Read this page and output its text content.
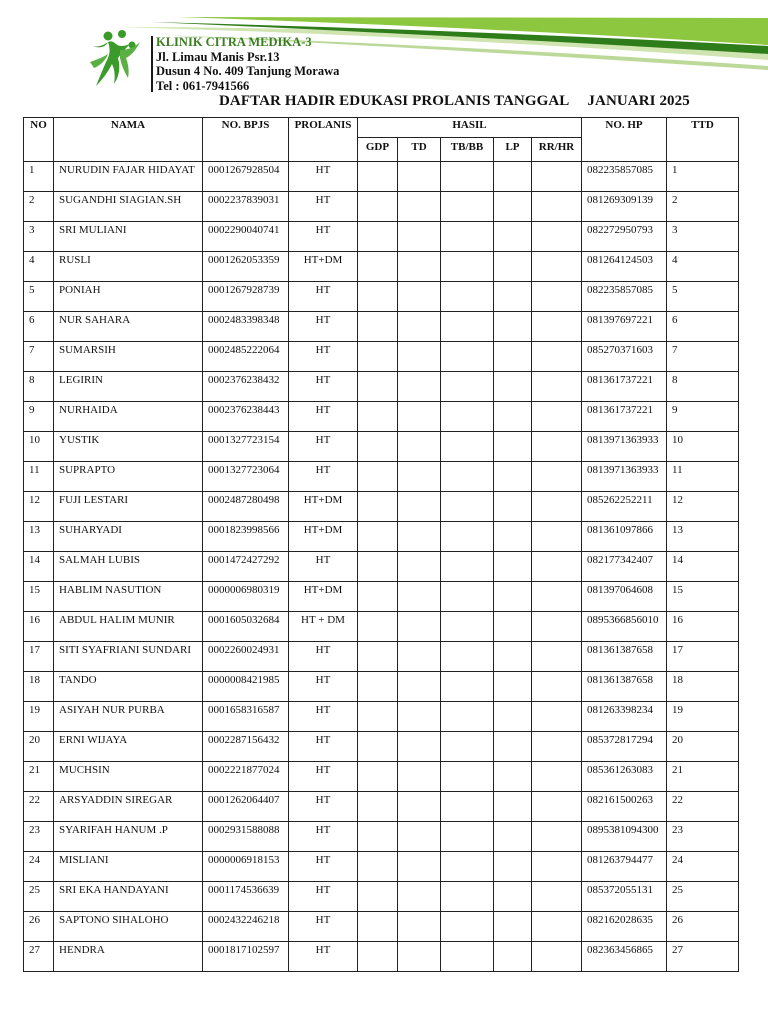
KLINIK CITRA MEDIKA-3
Jl. Limau Manis Psr.13
Dusun 4 No. 409 Tanjung Morawa
Tel : 061-7941566
DAFTAR HADIR EDUKASI PROLANIS TANGGAL JANUARI 2025
NO	NAMA	NO. BPJS	PROLANIS	HASIL					NO. HP	TTD
				GDP	TD	TB/BB	LP	RR/HR		
1	NURUDIN FAJAR HIDAYAT	0001267928504	HT						082235857085	1
2	SUGANDHI SIAGIAN.SH	0002237839031	HT						081269309139	2
3	SRI MULIANI	0002290040741	HT						082272950793	3
4	RUSLI	0001262053359	HT+DM						081264124503	4
5	PONIAH	0001267928739	HT						082235857085	5
6	NUR SAHARA	0002483398348	HT						081397697221	6
7	SUMARSIH	0002485222064	HT						085270371603	7
8	LEGIRIN	0002376238432	HT						081361737221	8
9	NURHAIDA	0002376238443	HT						081361737221	9
10	YUSTIK	0001327723154	HT						0813971363933	10
11	SUPRAPTO	0001327723064	HT						0813971363933	11
12	FUJI LESTARI	0002487280498	HT+DM						085262252211	12
13	SUHARYADI	0001823998566	HT+DM						081361097866	13
14	SALMAH LUBIS	0001472427292	HT						082177342407	14
15	HABLIM NASUTION	0000006980319	HT+DM						081397064608	15
16	ABDUL HALIM MUNIR	0001605032684	HT + DM						0895366856010	16
17	SITI SYAFRIANI SUNDARI	0002260024931	HT						081361387658	17
18	TANDO	0000008421985	HT						081361387658	18
19	ASIYAH NUR PURBA	0001658316587	HT						081263398234	19
20	ERNI WIJAYA	0002287156432	HT						085372817294	20
21	MUCHSIN	0002221877024	HT						085361263083	21
22	ARSYADDIN SIREGAR	0001262064407	HT						082161500263	22
23	SYARIFAH HANUM .P	0002931588088	HT						0895381094300	23
24	MISLIANI	0000006918153	HT						081263794477	24
25	SRI EKA HANDAYANI	0001174536639	HT						085372055131	25
26	SAPTONO SIHALOHO	0002432246218	HT						082162028635	26
27	HENDRA	0001817102597	HT						082363456865	27
